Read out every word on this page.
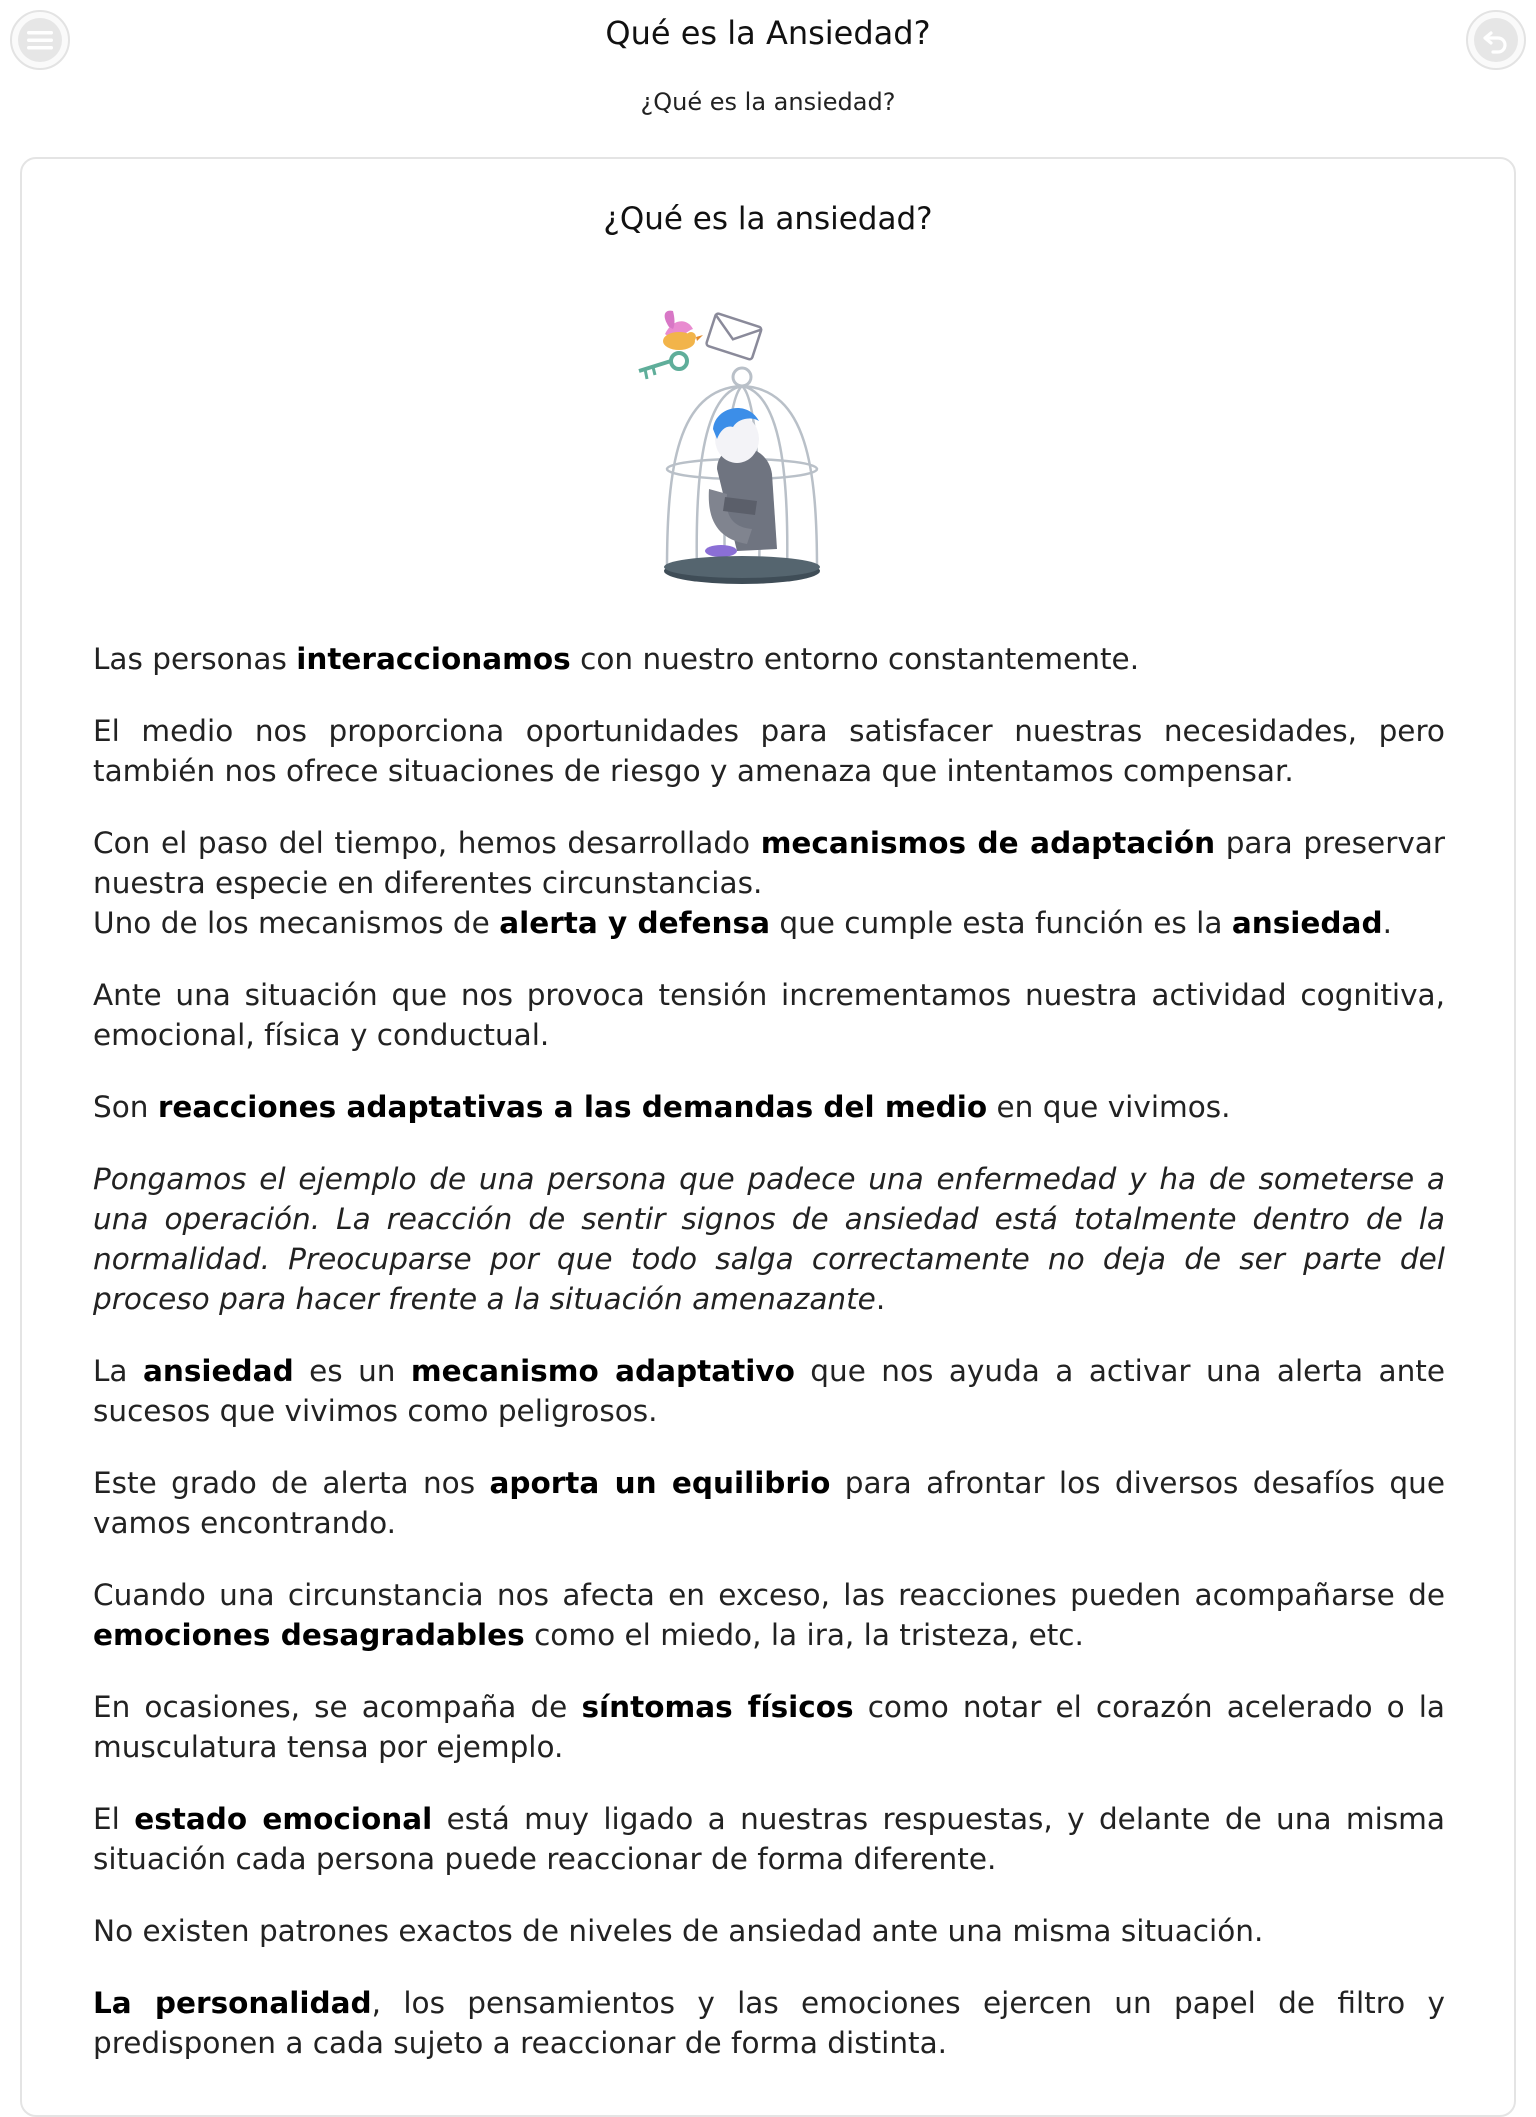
Qué es la Ansiedad?
¿Qué es la ansiedad?
¿Qué es la ansiedad?

Las personas interaccionamos con nuestro entorno constantemente.

El medio nos proporciona oportunidades para satisfacer nuestras necesidades, pero también nos ofrece situaciones de riesgo y amenaza que intentamos compensar.

Con el paso del tiempo, hemos desarrollado mecanismos de adaptación para preservar nuestra especie en diferentes circunstancias.
Uno de los mecanismos de alerta y defensa que cumple esta función es la ansiedad.

Ante una situación que nos provoca tensión incrementamos nuestra actividad cognitiva, emocional, física y conductual.

Son reacciones adaptativas a las demandas del medio en que vivimos.

Pongamos el ejemplo de una persona que padece una enfermedad y ha de someterse a una operación. La reacción de sentir signos de ansiedad está totalmente dentro de la normalidad. Preocuparse por que todo salga correctamente no deja de ser parte del proceso para hacer frente a la situación amenazante.

La ansiedad es un mecanismo adaptativo que nos ayuda a activar una alerta ante sucesos que vivimos como peligrosos.

Este grado de alerta nos aporta un equilibrio para afrontar los diversos desafíos que vamos encontrando.

Cuando una circunstancia nos afecta en exceso, las reacciones pueden acompañarse de emociones desagradables como el miedo, la ira, la tristeza, etc.

En ocasiones, se acompaña de síntomas físicos como notar el corazón acelerado o la musculatura tensa por ejemplo.

El estado emocional está muy ligado a nuestras respuestas, y delante de una misma situación cada persona puede reaccionar de forma diferente.

No existen patrones exactos de niveles de ansiedad ante una misma situación.

La personalidad, los pensamientos y las emociones ejercen un papel de filtro y predisponen a cada sujeto a reaccionar de forma distinta.
